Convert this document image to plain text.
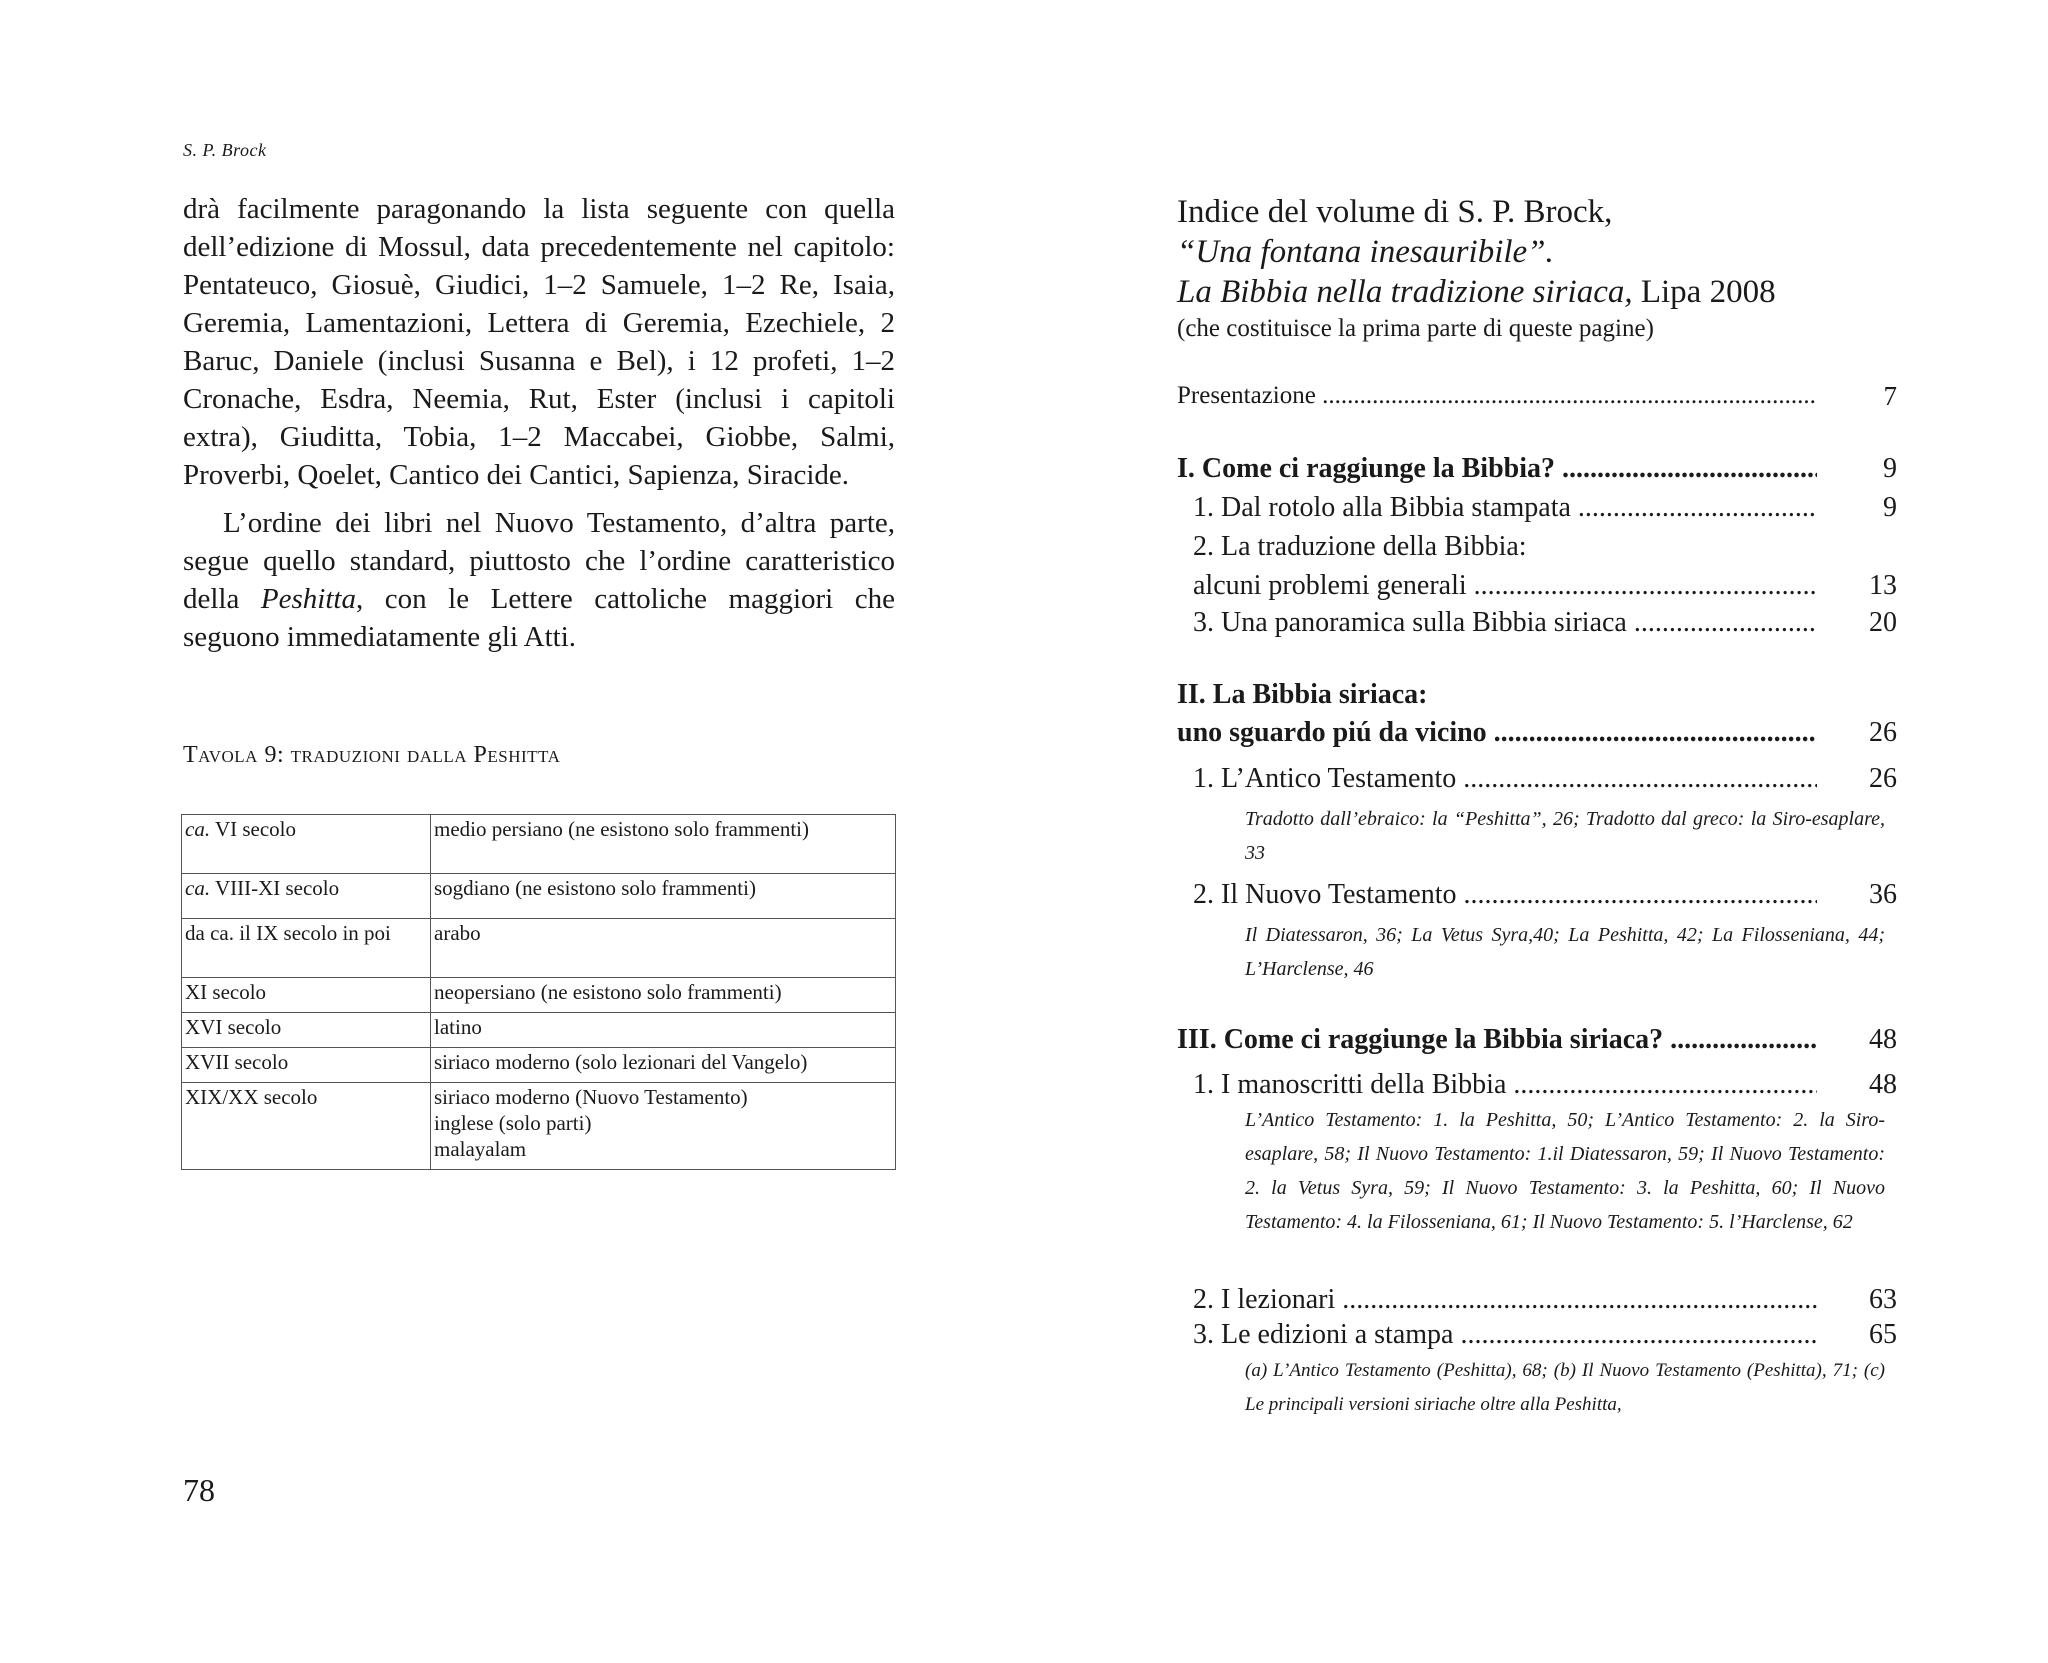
S. P. Brock

drà facilmente paragonando la lista seguente con quella dell’edizione di Mossul, data precedentemente nel capitolo: Pentateuco, Giosuè, Giudici, 1–2 Samuele, 1–2 Re, Isaia, Geremia, Lamentazioni, Lettera di Geremia, Ezechiele, 2 Baruc, Daniele (inclusi Susanna e Bel), i 12 profeti, 1–2 Cronache, Esdra, Neemia, Rut, Ester (inclusi i capitoli extra), Giuditta, Tobia, 1–2 Maccabei, Giobbe, Salmi, Proverbi, Qoelet, Cantico dei Cantici, Sapienza, Siracide.

L’ordine dei libri nel Nuovo Testamento, d’altra parte, segue quello standard, piuttosto che l’ordine caratteristico della Peshitta, con le Lettere cattoliche maggiori che seguono immediatamente gli Atti.

Tavola 9: traduzioni dalla Peshitta
ca. VI secolo	medio persiano (ne esistono solo frammenti)

ca. VIII-XI secolo	sogdiano (ne esistono solo frammenti)

da ca. il IX secolo in poi	arabo

XI secolo	neopersiano (ne esistono solo frammenti)

XVI secolo	latino

XVII secolo	siriaco moderno (solo lezionari del Vangelo)

XIX/XX secolo	siriaco moderno (Nuovo Testamento)
inglese (solo parti)
malayalam
78
Indice del volume di S. P. Brock,
“Una fontana inesauribile”.
La Bibbia nella tradizione siriaca, Lipa 2008
(che costituisce la prima parte di queste pagine)
Presentazione .....	7
I. Come ci raggiunge la Bibbia? .....	9
1. Dal rotolo alla Bibbia stampata .....	9
2. La traduzione della Bibbia:
alcuni problemi generali .....	13
3. Una panoramica sulla Bibbia siriaca .....	20
II. La Bibbia siriaca:
uno sguardo piú da vicino .....	26
1. L’Antico Testamento .....	26
2. Il Nuovo Testamento .....	36
III. Come ci raggiunge la Bibbia siriaca? .....	48
1. I manoscritti della Bibbia .....	48
2. I lezionari .....	63
3. Le edizioni a stampa .....	65
Tradotto dall’ebraico: la “Peshitta”, 26; Tradotto dal greco: la Siro-esaplare, 33
Il Diatessaron, 36; La Vetus Syra,40; La Peshitta, 42; La Filosseniana, 44; L’Harclense, 46
L’Antico Testamento: 1. la Peshitta, 50; L’Antico Testamento: 2. la Siro-esaplare, 58; Il Nuovo Testamento: 1.il Diatessaron, 59; Il Nuovo Testamento: 2. la Vetus Syra, 59; Il Nuovo Testamento: 3. la Peshitta, 60; Il Nuovo Testamento: 4. la Filosseniana, 61; Il Nuovo Testamento: 5. l’Harclense, 62
(a) L’Antico Testamento (Peshitta), 68; (b) Il Nuovo Testamento (Peshitta), 71; (c) Le principali versioni siriache oltre alla Peshitta,
